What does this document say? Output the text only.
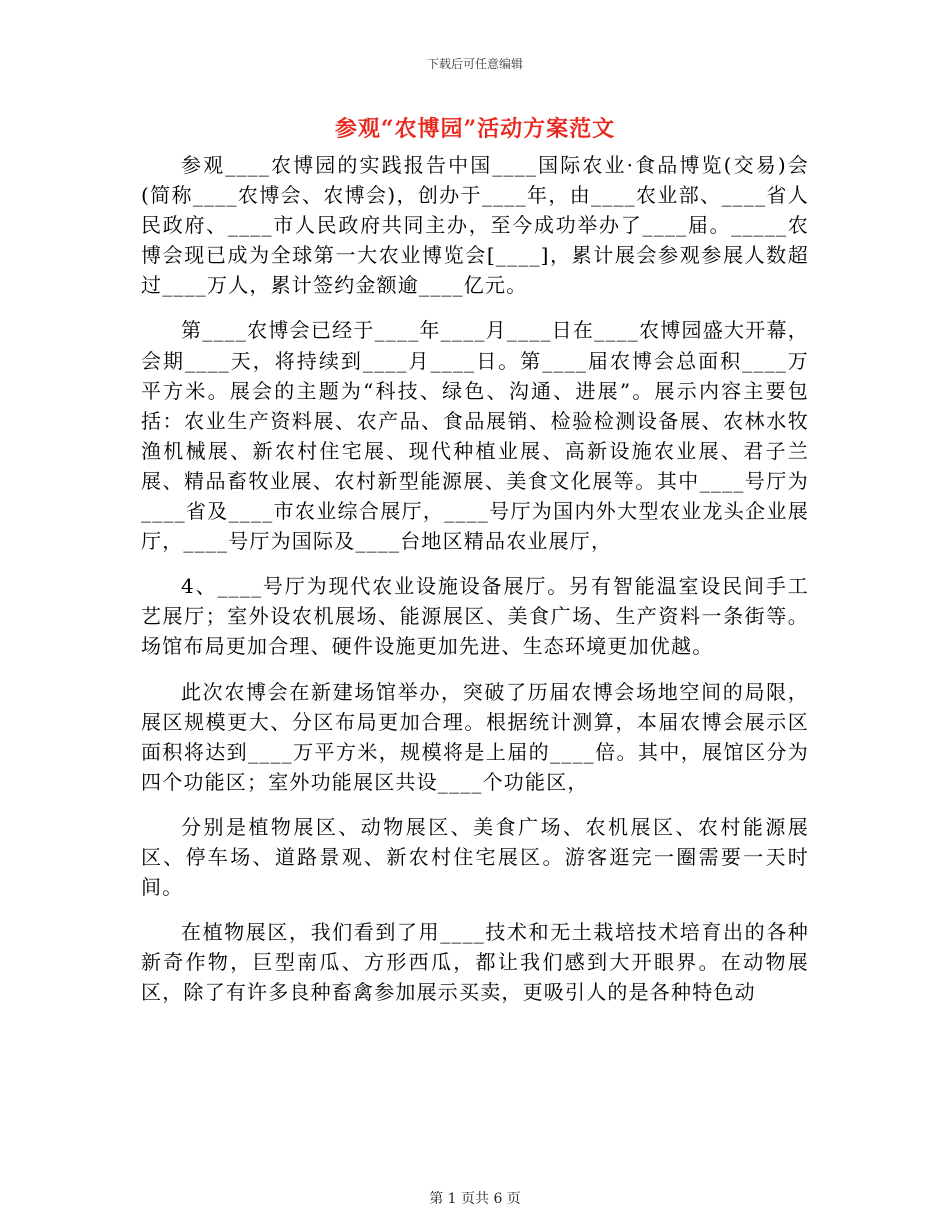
下载后可任意编辑
参观“农博园”活动方案范文

参观____农博园的实践报告中国____国际农业·食品博览(交易)会(简称____农博会、农博会)，创办于____年，由____农业部、____省人民政府、____市人民政府共同主办，至今成功举办了____届。_____农博会现已成为全球第一大农业博览会[____]，累计展会参观参展人数超过____万人，累计签约金额逾____亿元。

第____农博会已经于____年____月____日在____农博园盛大开幕，会期____天，将持续到____月____日。第____届农博会总面积____万平方米。展会的主题为“科技、绿色、沟通、进展”。展示内容主要包括：农业生产资料展、农产品、食品展销、检验检测设备展、农林水牧渔机械展、新农村住宅展、现代种植业展、高新设施农业展、君子兰展、精品畜牧业展、农村新型能源展、美食文化展等。其中____号厅为____省及____市农业综合展厅，____号厅为国内外大型农业龙头企业展厅，____号厅为国际及____台地区精品农业展厅，

4、____号厅为现代农业设施设备展厅。另有智能温室设民间手工艺展厅；室外设农机展场、能源展区、美食广场、生产资料一条街等。场馆布局更加合理、硬件设施更加先进、生态环境更加优越。

此次农博会在新建场馆举办，突破了历届农博会场地空间的局限，展区规模更大、分区布局更加合理。根据统计测算，本届农博会展示区面积将达到____万平方米，规模将是上届的____倍。其中，展馆区分为四个功能区；室外功能展区共设____个功能区，

分别是植物展区、动物展区、美食广场、农机展区、农村能源展区、停车场、道路景观、新农村住宅展区。游客逛完一圈需要一天时间。

在植物展区，我们看到了用____技术和无土栽培技术培育出的各种新奇作物，巨型南瓜、方形西瓜，都让我们感到大开眼界。在动物展区，除了有许多良种畜禽参加展示买卖，更吸引人的是各种特色动

第 1 页共 6 页
